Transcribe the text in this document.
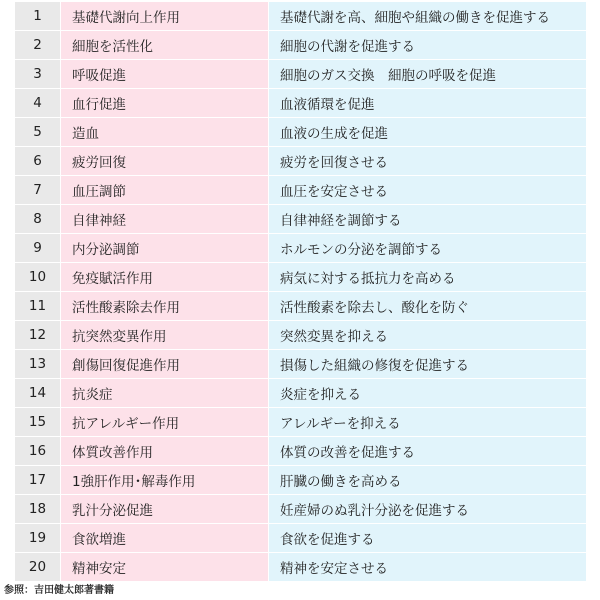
1	基礎代謝向上作用	基礎代謝を高、細胞や組織の働きを促進する
2	細胞を活性化	細胞の代謝を促進する
3	呼吸促進	細胞のガス交換　細胞の呼吸を促進
4	血行促進	血液循環を促進
5	造血	血液の生成を促進
6	疲労回復	疲労を回復させる
7	血圧調節	血圧を安定させる
8	自律神経	自律神経を調節する
9	内分泌調節	ホルモンの分泌を調節する
10	免疫賦活作用	病気に対する抵抗力を高める
11	活性酸素除去作用	活性酸素を除去し、酸化を防ぐ
12	抗突然変異作用	突然変異を抑える
13	創傷回復促進作用	損傷した組織の修復を促進する
14	抗炎症	炎症を抑える
15	抗アレルギー作用	アレルギーを抑える
16	体質改善作用	体質の改善を促進する
17	1強肝作用･解毒作用	肝臓の働きを高める
18	乳汁分泌促進	妊産婦のぬ乳汁分泌を促進する
19	食欲増進	食欲を促進する
20	精神安定	精神を安定させる
参照：吉田健太郎著書籍
